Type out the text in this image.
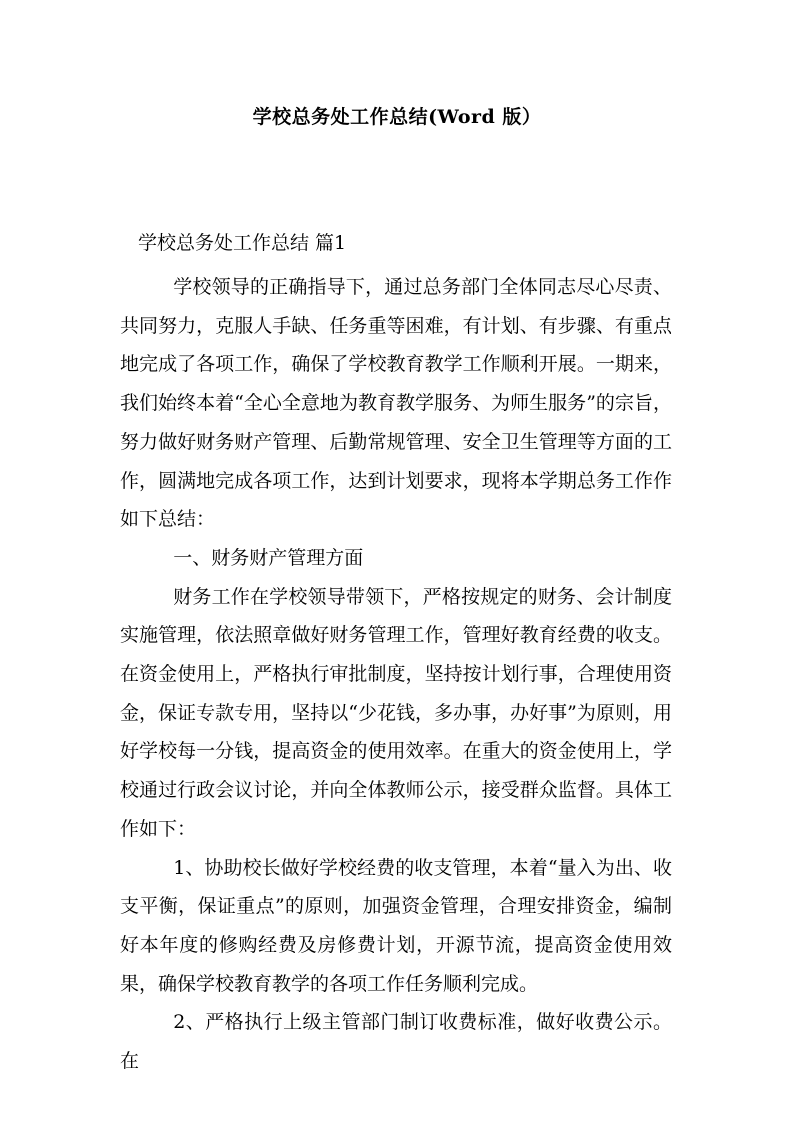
学校总务处工作总结(Word 版）
学校总务处工作总结 篇1

学校领导的正确指导下，通过总务部门全体同志尽心尽责、共同努力，克服人手缺、任务重等困难，有计划、有步骤、有重点地完成了各项工作，确保了学校教育教学工作顺利开展。一期来，我们始终本着“全心全意地为教育教学服务、为师生服务”的宗旨，努力做好财务财产管理、后勤常规管理、安全卫生管理等方面的工作，圆满地完成各项工作，达到计划要求，现将本学期总务工作作如下总结：

一、财务财产管理方面

财务工作在学校领导带领下，严格按规定的财务、会计制度实施管理，依法照章做好财务管理工作，管理好教育经费的收支。在资金使用上，严格执行审批制度，坚持按计划行事，合理使用资金，保证专款专用，坚持以“少花钱，多办事，办好事”为原则，用好学校每一分钱，提高资金的使用效率。在重大的资金使用上，学校通过行政会议讨论，并向全体教师公示，接受群众监督。具体工作如下：

1、协助校长做好学校经费的收支管理，本着“量入为出、收支平衡，保证重点”的原则，加强资金管理，合理安排资金，编制好本年度的修购经费及房修费计划，开源节流，提高资金使用效果，确保学校教育教学的各项工作任务顺利完成。

2、严格执行上级主管部门制订收费标准，做好收费公示。在
